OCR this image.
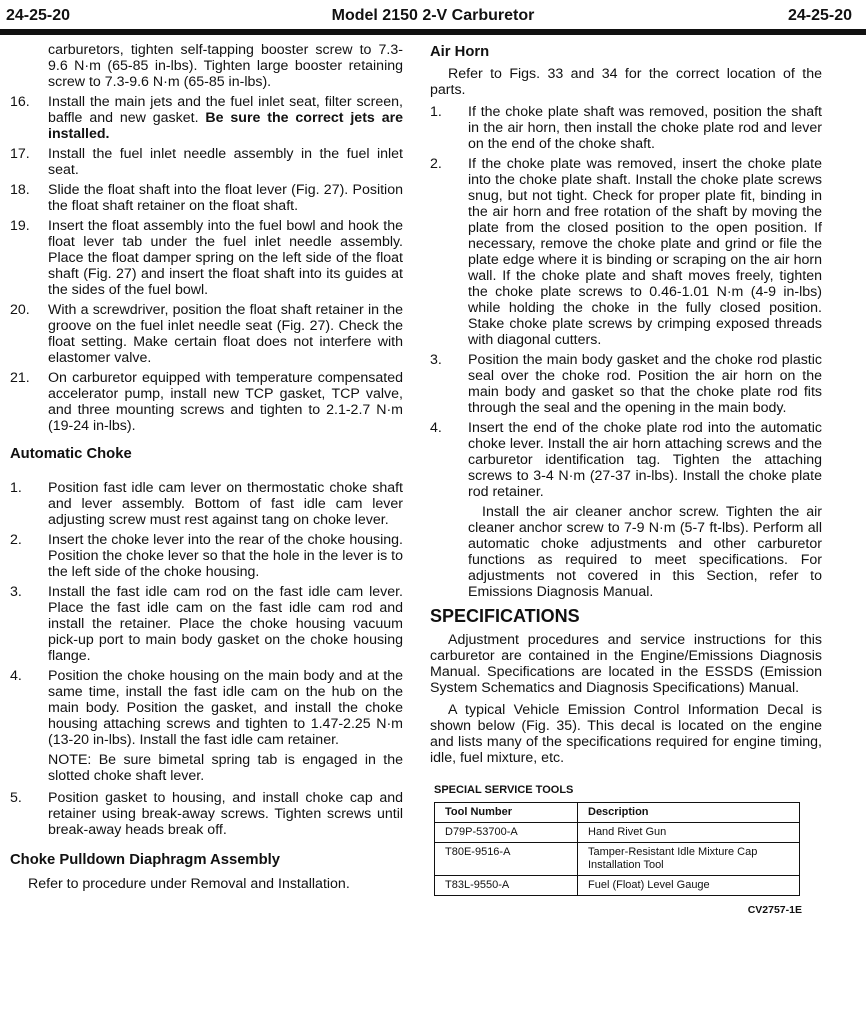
24-25-20	Model 2150 2-V Carburetor	24-25-20
carburetors, tighten self-tapping booster screw to 7.3-9.6 N·m (65-85 in-lbs). Tighten large booster retaining screw to 7.3-9.6 N·m (65-85 in-lbs).
16. Install the main jets and the fuel inlet seat, filter screen, baffle and new gasket. Be sure the correct jets are installed.
17. Install the fuel inlet needle assembly in the fuel inlet seat.
18. Slide the float shaft into the float lever (Fig. 27). Position the float shaft retainer on the float shaft.
19. Insert the float assembly into the fuel bowl and hook the float lever tab under the fuel inlet needle assembly. Place the float damper spring on the left side of the float shaft (Fig. 27) and insert the float shaft into its guides at the sides of the fuel bowl.
20. With a screwdriver, position the float shaft retainer in the groove on the fuel inlet needle seat (Fig. 27). Check the float setting. Make certain float does not interfere with elastomer valve.
21. On carburetor equipped with temperature compensated accelerator pump, install new TCP gasket, TCP valve, and three mounting screws and tighten to 2.1-2.7 N·m (19-24 in-lbs).
Automatic Choke
1. Position fast idle cam lever on thermostatic choke shaft and lever assembly. Bottom of fast idle cam lever adjusting screw must rest against tang on choke lever.
2. Insert the choke lever into the rear of the choke housing. Position the choke lever so that the hole in the lever is to the left side of the choke housing.
3. Install the fast idle cam rod on the fast idle cam lever. Place the fast idle cam on the fast idle cam rod and install the retainer. Place the choke housing vacuum pick-up port to main body gasket on the choke housing flange.
4. Position the choke housing on the main body and at the same time, install the fast idle cam on the hub on the main body. Position the gasket, and install the choke housing attaching screws and tighten to 1.47-2.25 N·m (13-20 in-lbs). Install the fast idle cam retainer.
NOTE: Be sure bimetal spring tab is engaged in the slotted choke shaft lever.
5. Position gasket to housing, and install choke cap and retainer using break-away screws. Tighten screws until break-away heads break off.
Choke Pulldown Diaphragm Assembly
Refer to procedure under Removal and Installation.
Air Horn
Refer to Figs. 33 and 34 for the correct location of the parts.
1. If the choke plate shaft was removed, position the shaft in the air horn, then install the choke plate rod and lever on the end of the choke shaft.
2. If the choke plate was removed, insert the choke plate into the choke plate shaft. Install the choke plate screws snug, but not tight. Check for proper plate fit, binding in the air horn and free rotation of the shaft by moving the plate from the closed position to the open position. If necessary, remove the choke plate and grind or file the plate edge where it is binding or scraping on the air horn wall. If the choke plate and shaft moves freely, tighten the choke plate screws to 0.46-1.01 N·m (4-9 in-lbs) while holding the choke in the fully closed position. Stake choke plate screws by crimping exposed threads with diagonal cutters.
3. Position the main body gasket and the choke rod plastic seal over the choke rod. Position the air horn on the main body and gasket so that the choke plate rod fits through the seal and the opening in the main body.
4. Insert the end of the choke plate rod into the automatic choke lever. Install the air horn attaching screws and the carburetor identification tag. Tighten the attaching screws to 3-4 N·m (27-37 in-lbs). Install the choke plate rod retainer.
Install the air cleaner anchor screw. Tighten the air cleaner anchor screw to 7-9 N·m (5-7 ft-lbs). Perform all automatic choke adjustments and other carburetor functions as required to meet specifications. For adjustments not covered in this Section, refer to Emissions Diagnosis Manual.
SPECIFICATIONS
Adjustment procedures and service instructions for this carburetor are contained in the Engine/Emissions Diagnosis Manual. Specifications are located in the ESSDS (Emission System Schematics and Diagnosis Specifications) Manual.
A typical Vehicle Emission Control Information Decal is shown below (Fig. 35). This decal is located on the engine and lists many of the specifications required for engine timing, idle, fuel mixture, etc.
SPECIAL SERVICE TOOLS
Tool Number	Description
D79P-53700-A	Hand Rivet Gun
T80E-9516-A	Tamper-Resistant Idle Mixture Cap Installation Tool
T83L-9550-A	Fuel (Float) Level Gauge
CV2757-1E
